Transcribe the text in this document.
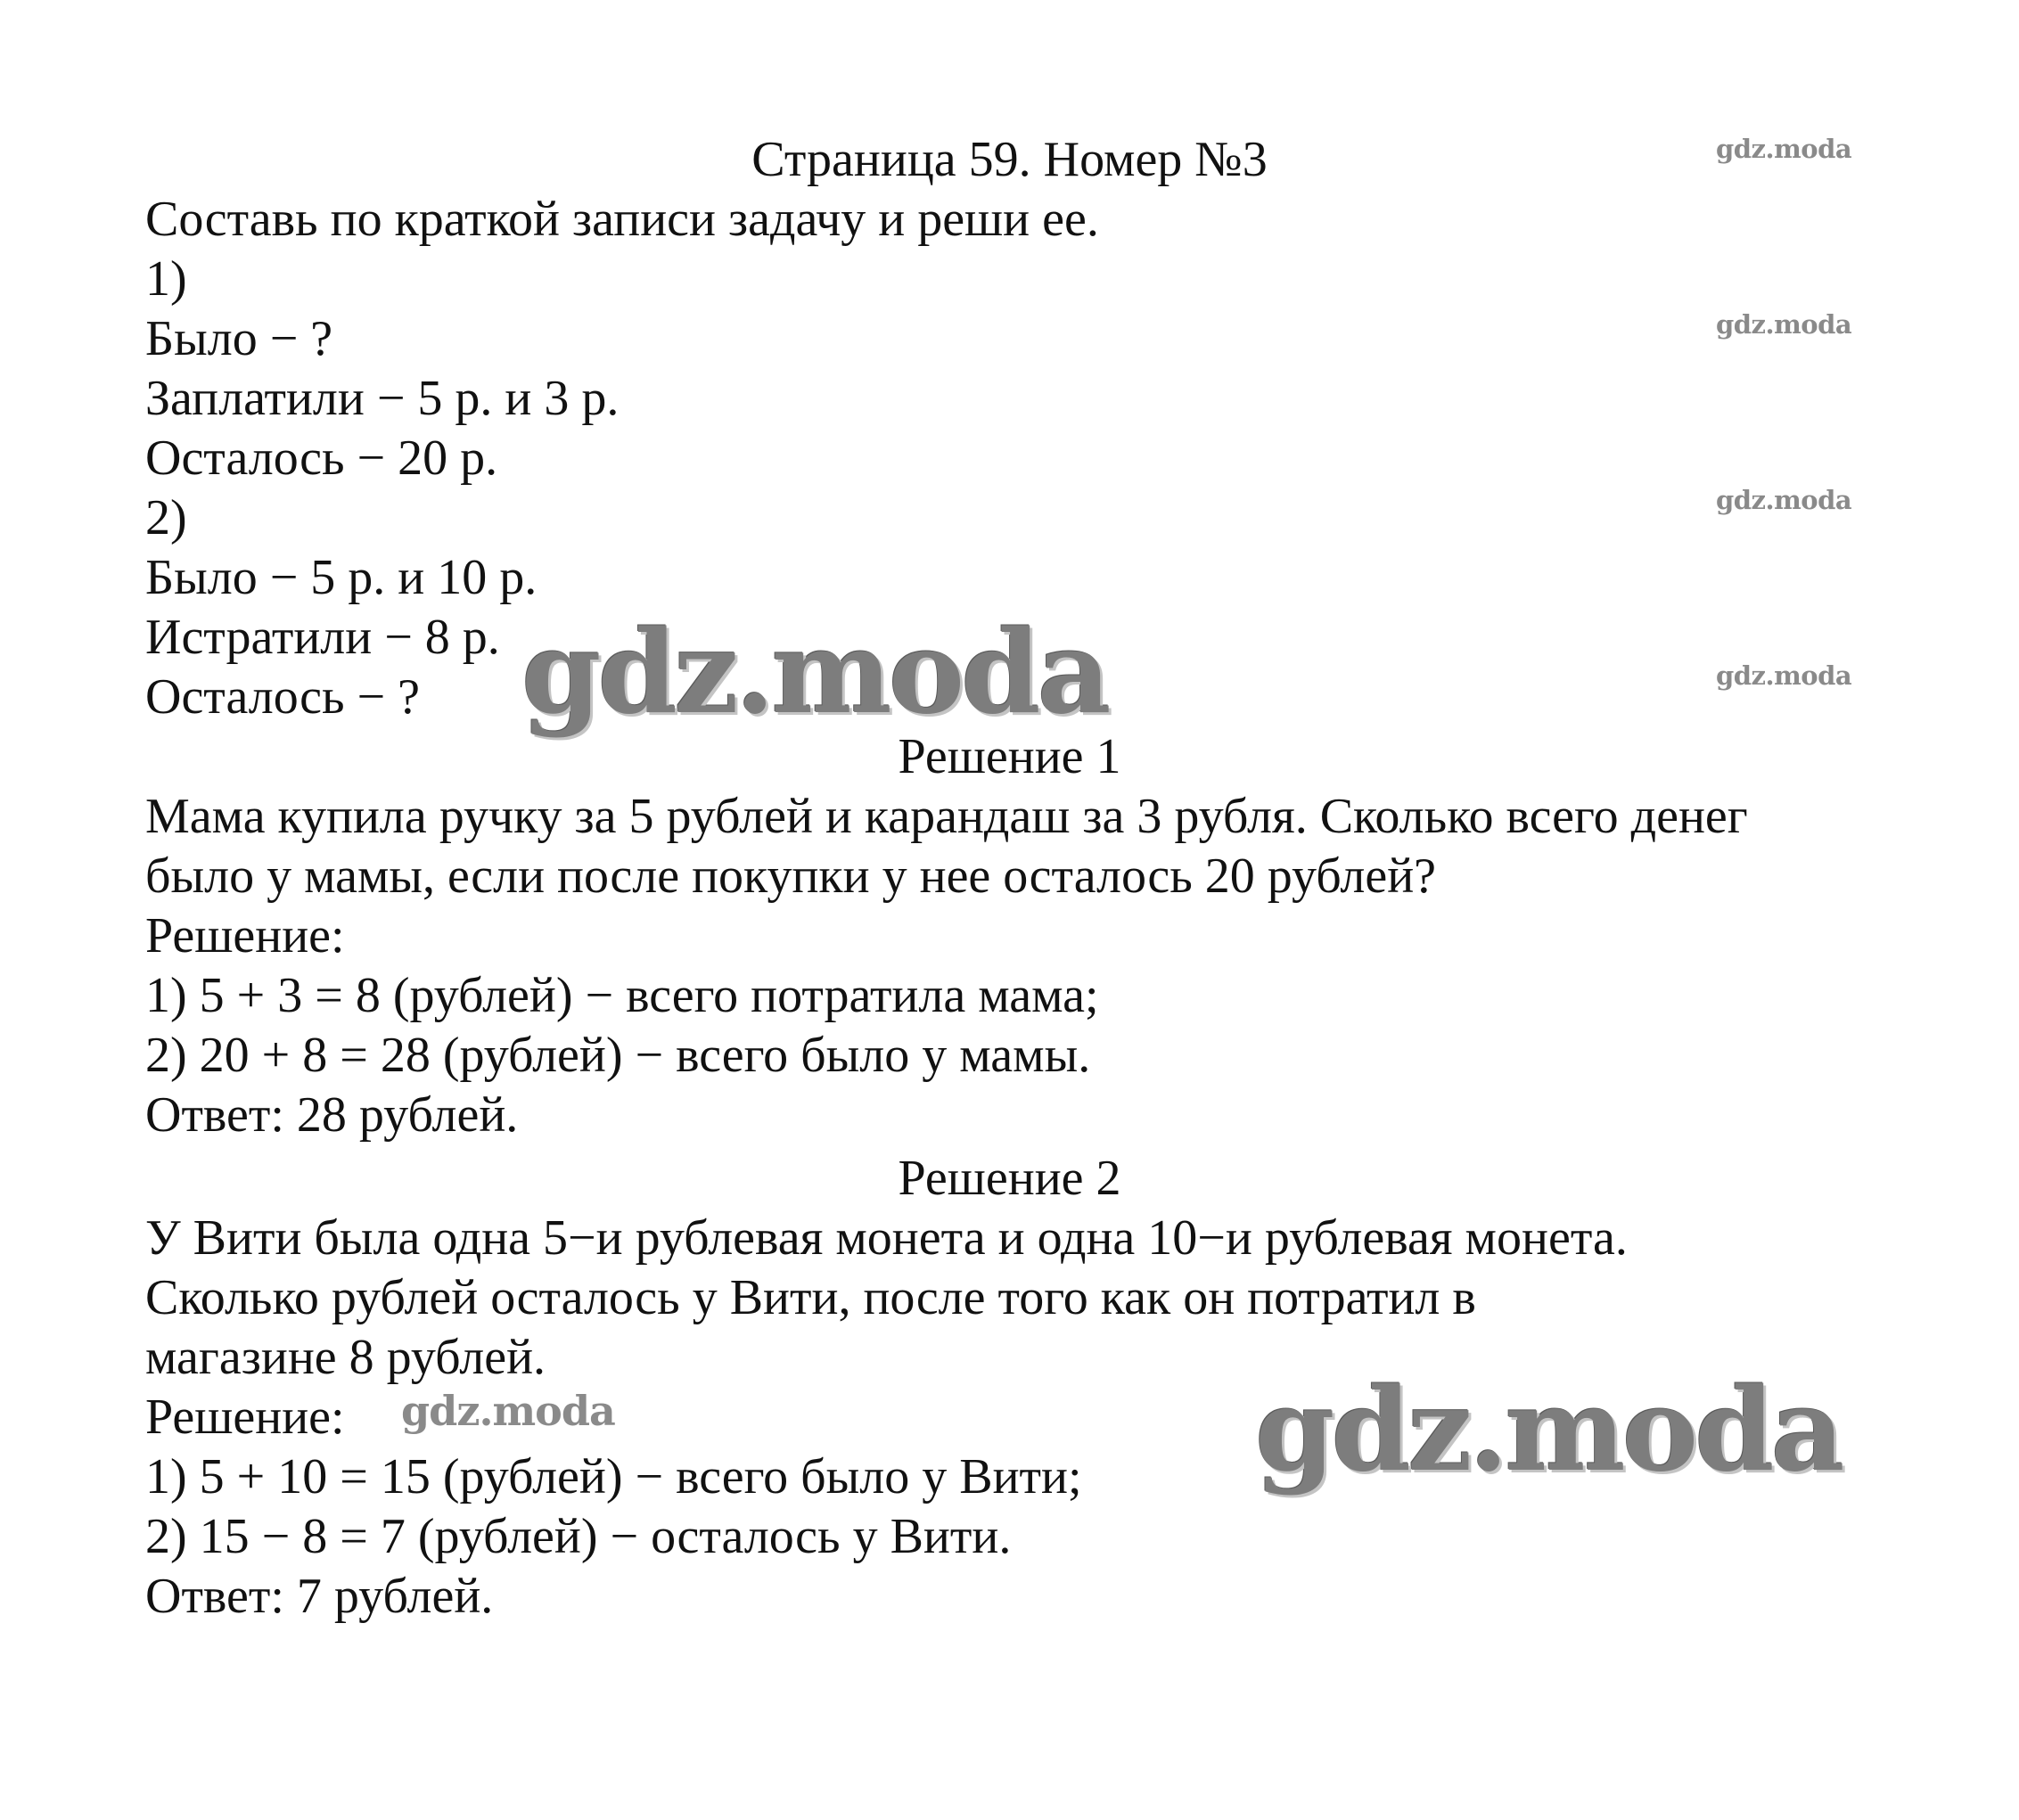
Страница 59. Номер №3
Составь по краткой записи задачу и реши ее.
1)
Было − ?
Заплатили − 5 р. и 3 р.
Осталось − 20 р.
2)
Было − 5 р. и 10 р.
Истратили − 8 р.
Осталось − ?
Решение 1
Мама купила ручку за 5 рублей и карандаш за 3 рубля. Сколько всего денег
было у мамы, если после покупки у нее осталось 20 рублей?
Решение:
1) 5 + 3 = 8 (рублей) − всего потратила мама;
2) 20 + 8 = 28 (рублей) − всего было у мамы.
Ответ: 28 рублей.
Решение 2
У Вити была одна 5−и рублевая монета и одна 10−и рублевая монета.
Сколько рублей осталось у Вити, после того как он потратил в
магазине 8 рублей.
Решение:
1) 5 + 10 = 15 (рублей) − всего было у Вити;
2) 15 − 8 = 7 (рублей) − осталось у Вити.
Ответ: 7 рублей.
gdz.moda
gdz.moda
gdz.moda
gdz.moda
gdz.moda
gdz.moda	gdz.moda
